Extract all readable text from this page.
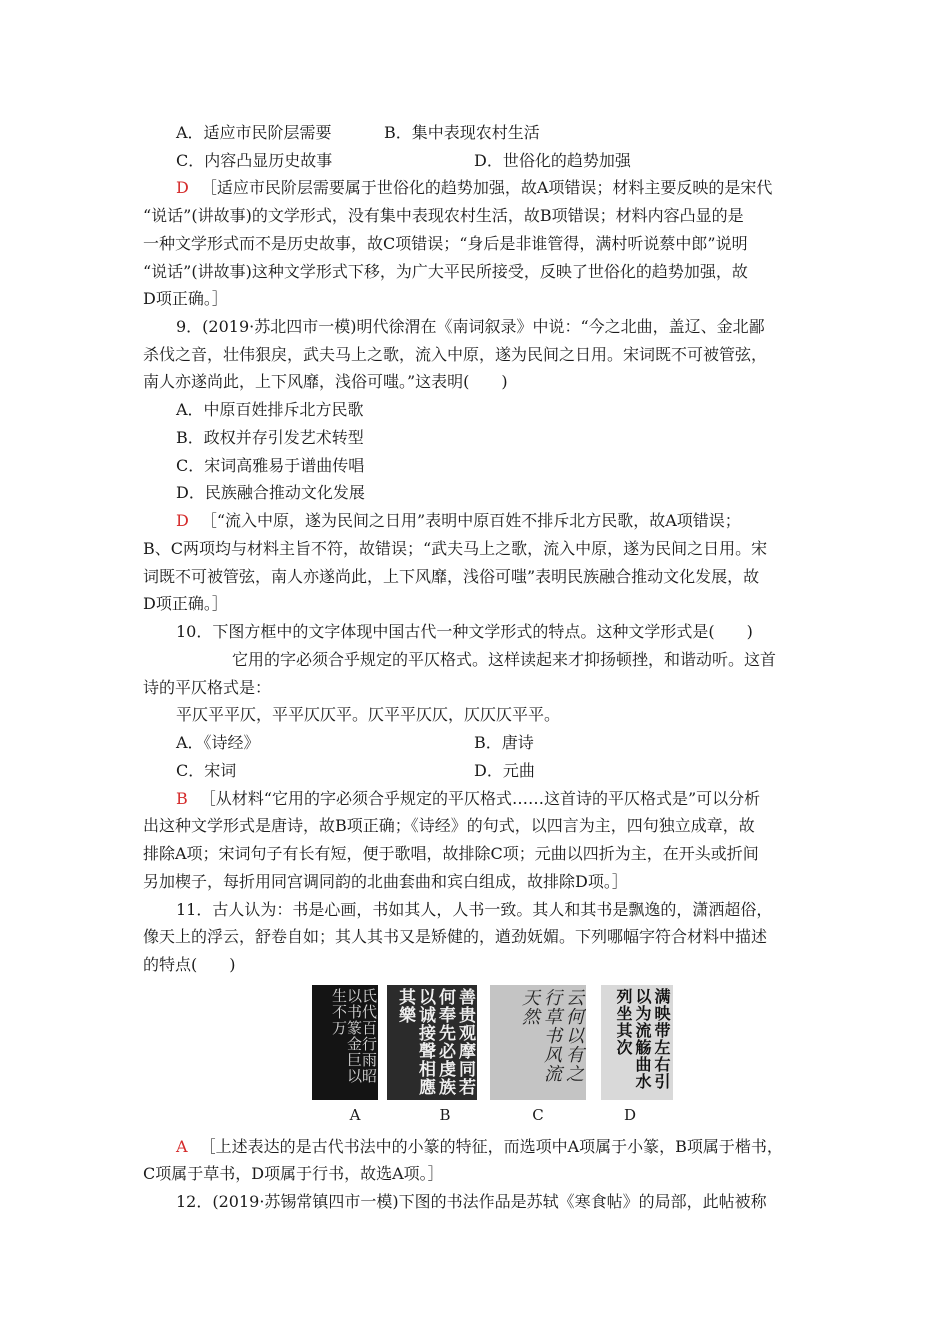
A．适应市民阶层需要	B．集中表现农村生活
C．内容凸显历史故事	D．世俗化的趋势加强
D ［适应市民阶层需要属于世俗化的趋势加强，故A项错误；材料主要反映的是宋代
“说话”(讲故事)的文学形式，没有集中表现农村生活，故B项错误；材料内容凸显的是
一种文学形式而不是历史故事，故C项错误；“身后是非谁管得，满村听说蔡中郎”说明
“说话”(讲故事)这种文学形式下移，为广大平民所接受，反映了世俗化的趋势加强，故
D项正确。］
9．(2019·苏北四市一模)明代徐渭在《南词叙录》中说：“今之北曲，盖辽、金北鄙
杀伐之音，壮伟狠戾，武夫马上之歌，流入中原，遂为民间之日用。宋词既不可被管弦，
南人亦遂尚此，上下风靡，浅俗可嗤。”这表明(　　)
A．中原百姓排斥北方民歌
B．政权并存引发艺术转型
C．宋词高雅易于谱曲传唱
D．民族融合推动文化发展
D ［“流入中原，遂为民间之日用”表明中原百姓不排斥北方民歌，故A项错误；
B、C两项均与材料主旨不符，故错误；“武夫马上之歌，流入中原，遂为民间之日用。宋
词既不可被管弦，南人亦遂尚此，上下风靡，浅俗可嗤”表明民族融合推动文化发展，故
D项正确。］
10．下图方框中的文字体现中国古代一种文学形式的特点。这种文学形式是(　　)
它用的字必须合乎规定的平仄格式。这样读起来才抑扬顿挫，和谐动听。这首
诗的平仄格式是：
平仄平平仄，平平仄仄平。仄平平仄仄，仄仄仄平平。
A．《诗经》	B．唐诗
C．宋词	D．元曲
B ［从材料“它用的字必须合乎规定的平仄格式……这首诗的平仄格式是”可以分析
出这种文学形式是唐诗，故B项正确；《诗经》的句式，以四言为主，四句独立成章，故
排除A项；宋词句子有长有短，便于歌唱，故排除C项；元曲以四折为主，在开头或折间
另加楔子，每折用同宫调同韵的北曲套曲和宾白组成，故排除D项。］
11．古人认为：书是心画，书如其人，人书一致。其人和其书是飘逸的，潇洒超俗，
像天上的浮云，舒卷自如；其人其书又是矫健的，遒劲妩媚。下列哪幅字符合材料中描述
的特点(　　)
氏代百行雨昭以书篆金巨以生不万	善贵观摩同若何奉先必虔族以诚接聲相應其樂	云何以有之行草书风流天然	满映带左右引以为流觞曲水列坐其次
A	B	C	D
A ［上述表达的是古代书法中的小篆的特征，而选项中A项属于小篆，B项属于楷书，
C项属于草书，D项属于行书，故选A项。］
12．(2019·苏锡常镇四市一模)下图的书法作品是苏轼《寒食帖》的局部，此帖被称
